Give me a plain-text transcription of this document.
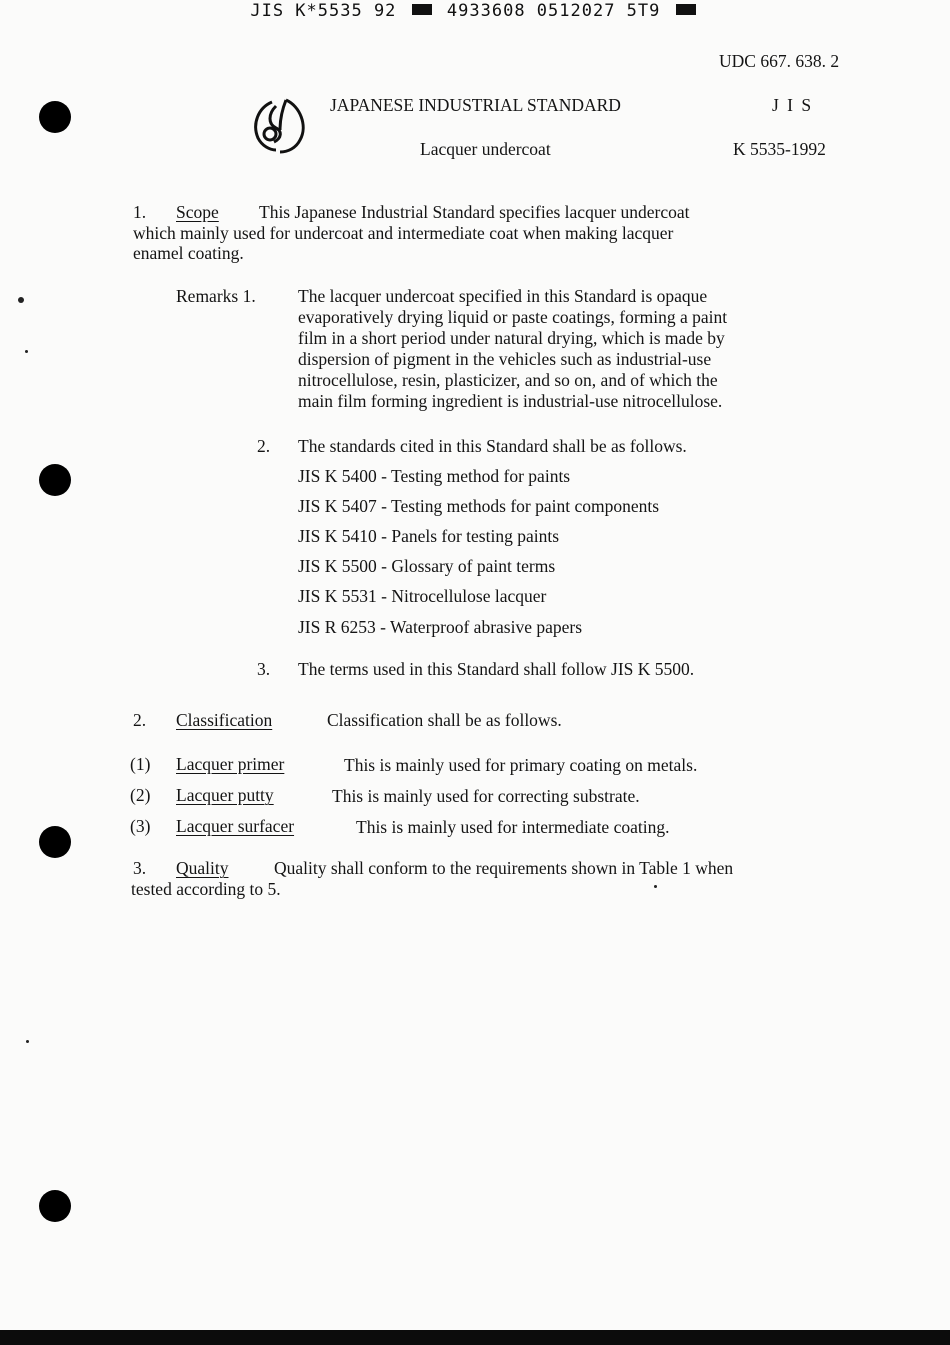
JIS K*5535 92	4933608 0512027 5T9
UDC 667. 638. 2
JAPANESE INDUSTRIAL STANDARD	J I S
Lacquer undercoat	K 5535-1992
1. Scope This Japanese Industrial Standard specifies lacquer undercoat
which mainly used for undercoat and intermediate coat when making lacquer
enamel coating.
Remarks 1. The lacquer undercoat specified in this Standard is opaque

evaporatively drying liquid or paste coatings, forming a paint

film in a short period under natural drying, which is made by

dispersion of pigment in the vehicles such as industrial-use

nitrocellulose, resin, plasticizer, and so on, and of which the

main film forming ingredient is industrial-use nitrocellulose.

2. The standards cited in this Standard shall be as follows.
JIS K 5400 - Testing method for paints
JIS K 5407 - Testing methods for paint components
JIS K 5410 - Panels for testing paints
JIS K 5500 - Glossary of paint terms
JIS K 5531 - Nitrocellulose lacquer
JIS R 6253 - Waterproof abrasive papers
3. The terms used in this Standard shall follow JIS K 5500.
2. Classification	Classification shall be as follows.
(1) Lacquer primer	This is mainly used for primary coating on metals.
(2) Lacquer putty	This is mainly used for correcting substrate.
(3) Lacquer surfacer	This is mainly used for intermediate coating.
3. Quality	Quality shall conform to the requirements shown in Table 1 when
tested according to 5.
